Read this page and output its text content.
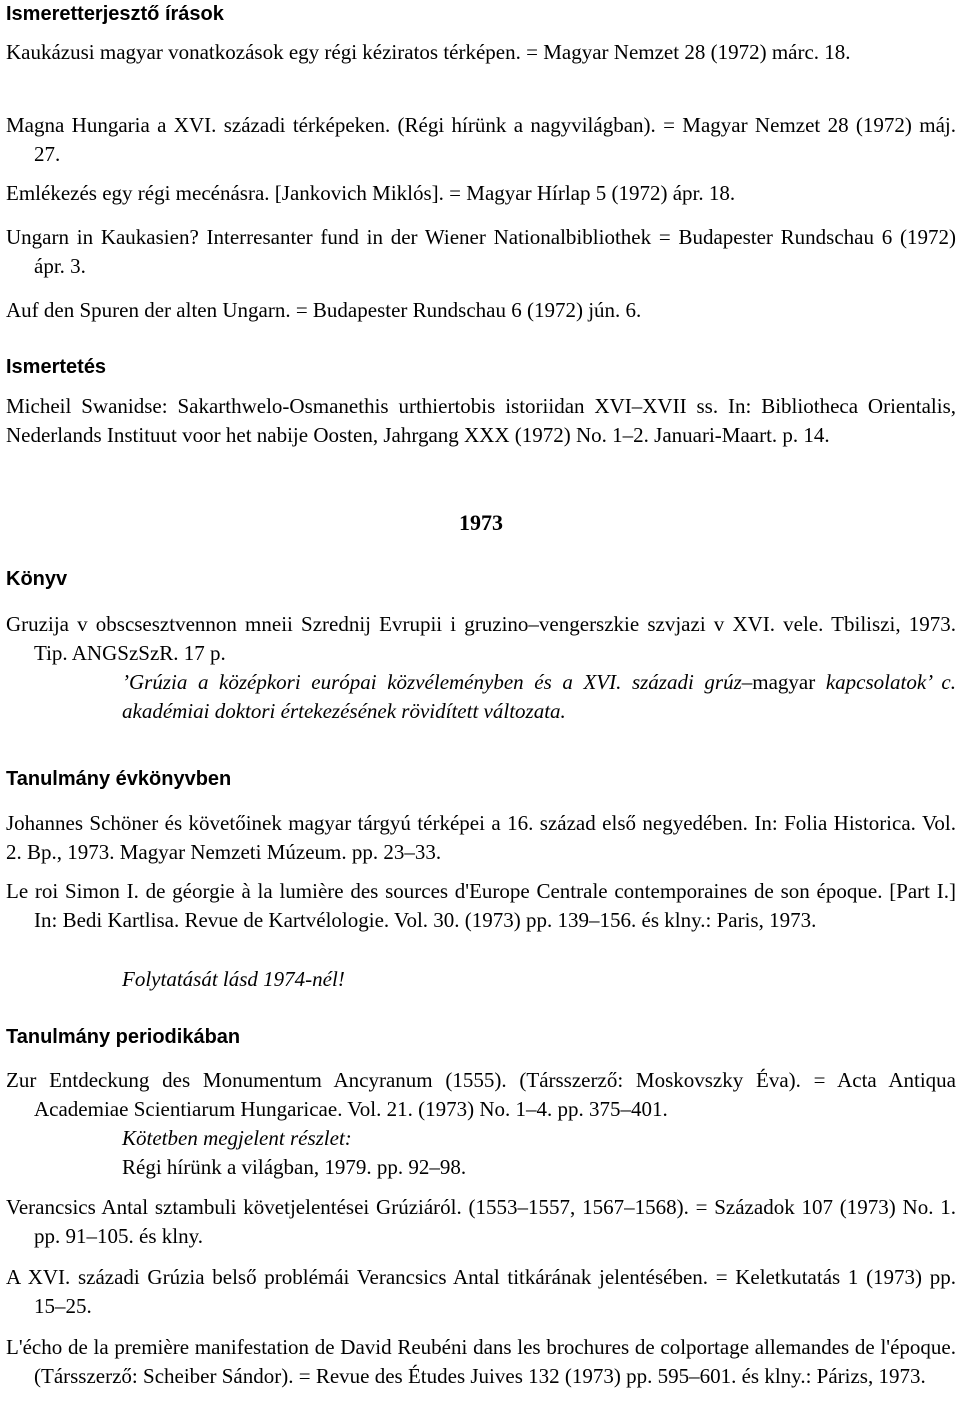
Ismeretterjesztő írások
Kaukázusi magyar vonatkozások egy régi kéziratos térképen. = Magyar Nemzet 28 (1972) márc. 18.
Magna Hungaria a XVI. századi térképeken. (Régi hírünk a nagyvilágban). = Magyar Nemzet 28 (1972) máj. 27.
Emlékezés egy régi mecénásra. [Jankovich Miklós]. = Magyar Hírlap 5 (1972) ápr. 18.
Ungarn in Kaukasien? Interresanter fund in der Wiener Nationalbibliothek = Budapester Rundschau 6 (1972) ápr. 3.
Auf den Spuren der alten Ungarn. = Budapester Rundschau 6 (1972) jún. 6.
Ismertetés
Micheil Swanidse: Sakarthwelo-Osmanethis urthiertobis istoriidan XVI–XVII ss. In: Bibliotheca Orientalis, Nederlands Instituut voor het nabije Oosten, Jahrgang XXX (1972) No. 1–2. Januari-Maart. p. 14.
1973
Könyv
Gruzija v obscsesztvennon mneii Szrednij Evrupii i gruzino–vengerszkie szvjazi v XVI. vele. Tbiliszi, 1973. Tip. ANGSzSzR. 17 p.
’Grúzia a középkori európai közvéleményben és a XVI. századi grúz–magyar kapcsolatok’ c. akadémiai doktori értekezésének rövidített változata.
Tanulmány évkönyvben
Johannes Schöner és követőinek magyar tárgyú térképei a 16. század első negyedében. In: Folia Historica. Vol. 2. Bp., 1973. Magyar Nemzeti Múzeum. pp. 23–33.
Le roi Simon I. de géorgie à la lumière des sources d'Europe Centrale contemporaines de son époque. [Part I.] In: Bedi Kartlisa. Revue de Kartvélologie. Vol. 30. (1973) pp. 139–156. és klny.: Paris, 1973.
Folytatását lásd 1974-nél!
Tanulmány periodikában
Zur Entdeckung des Monumentum Ancyranum (1555). (Társszerző: Moskovszky Éva). = Acta Antiqua Academiae Scientiarum Hungaricae. Vol. 21. (1973) No. 1–4. pp. 375–401.
Kötetben megjelent részlet:
Régi hírünk a világban, 1979. pp. 92–98.
Verancsics Antal sztambuli követjelentései Grúziáról. (1553–1557, 1567–1568). = Századok 107 (1973) No. 1. pp. 91–105. és klny.
A XVI. századi Grúzia belső problémái Verancsics Antal titkárának jelentésében. = Keletkutatás 1 (1973) pp. 15–25.
L'écho de la première manifestation de David Reubéni dans les brochures de colportage allemandes de l'époque. (Társszerző: Scheiber Sándor). = Revue des Études Juives 132 (1973) pp. 595–601. és klny.: Párizs, 1973.
